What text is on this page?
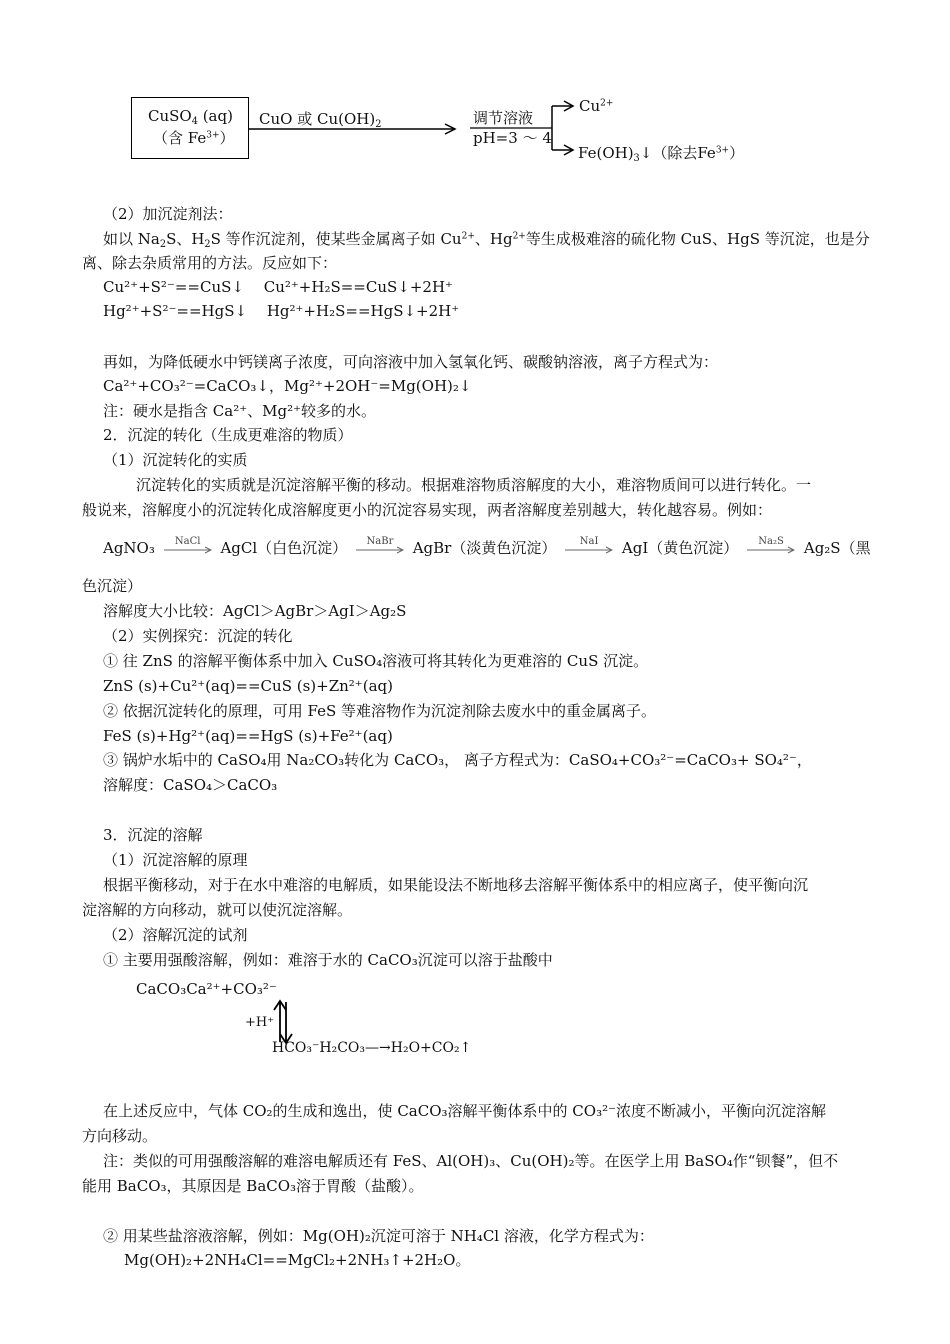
CuSO$_4$ (aq)
（含 $Fe^{3+}$）
CuO 或 $Cu(OH)_2$	调节溶液
pH=3 ～ 4
$Cu^{2+}$
$Fe(OH)_3↓$（除去$Fe^{3+}$）
（2）加沉淀剂法：
如以 $Na_2S$、$H_2S$ 等作沉淀剂，使某些金属离子如 $Cu^{2+}$、$Hg^{2+}$等生成极难溶的硫化物 CuS、HgS 等沉淀，也是分
离、除去杂质常用的方法。反应如下：
Cu²⁺+S²⁻==CuS↓　 Cu²⁺+H₂S==CuS↓+2H⁺
Hg²⁺+S²⁻==HgS↓　 Hg²⁺+H₂S==HgS↓+2H⁺
再如，为降低硬水中钙镁离子浓度，可向溶液中加入氢氧化钙、碳酸钠溶液，离子方程式为：
Ca²⁺+CO₃²⁻=CaCO₃↓，Mg²⁺+2OH⁻=Mg(OH)₂↓
注：硬水是指含 Ca²⁺、Mg²⁺较多的水。
2．沉淀的转化（生成更难溶的物质）
（1）沉淀转化的实质
沉淀转化的实质就是沉淀溶解平衡的移动。根据难溶物质溶解度的大小，难溶物质间可以进行转化。一
般说来，溶解度小的沉淀转化成溶解度更小的沉淀容易实现，两者溶解度差别越大，转化越容易。例如：
AgNO₃	NaCl	AgCl（白色沉淀）	NaBr	AgBr（淡黄色沉淀）	NaI	AgI（黄色沉淀）	Na₂S	Ag₂S（黑
色沉淀）
溶解度大小比较：AgCl＞AgBr＞AgI＞Ag₂S
（2）实例探究：沉淀的转化
① 往 ZnS 的溶解平衡体系中加入 CuSO₄溶液可将其转化为更难溶的 CuS 沉淀。
ZnS (s)+Cu²⁺(aq)==CuS (s)+Zn²⁺(aq)
② 依据沉淀转化的原理，可用 FeS 等难溶物作为沉淀剂除去废水中的重金属离子。
FeS (s)+Hg²⁺(aq)==HgS (s)+Fe²⁺(aq)
③ 锅炉水垢中的 CaSO₄用 Na₂CO₃转化为 CaCO₃， 离子方程式为：CaSO₄+CO₃²⁻=CaCO₃+ SO₄²⁻，
溶解度：CaSO₄＞CaCO₃
3．沉淀的溶解
（1）沉淀溶解的原理
根据平衡移动，对于在水中难溶的电解质，如果能设法不断地移去溶解平衡体系中的相应离子，使平衡向沉
淀溶解的方向移动，就可以使沉淀溶解。
（2）溶解沉淀的试剂
① 主要用强酸溶解，例如：难溶于水的 CaCO₃沉淀可以溶于盐酸中
CaCO₃Ca²⁺+CO₃²⁻
+H⁺
HCO₃⁻H₂CO₃—→H₂O+CO₂↑
在上述反应中，气体 CO₂的生成和逸出，使 CaCO₃溶解平衡体系中的 CO₃²⁻浓度不断减小，平衡向沉淀溶解
方向移动。
注：类似的可用强酸溶解的难溶电解质还有 FeS、Al(OH)₃、Cu(OH)₂等。在医学上用 BaSO₄作“钡餐”，但不
能用 BaCO₃，其原因是 BaCO₃溶于胃酸（盐酸）。
② 用某些盐溶液溶解，例如：Mg(OH)₂沉淀可溶于 NH₄Cl 溶液，化学方程式为：
Mg(OH)₂+2NH₄Cl==MgCl₂+2NH₃↑+2H₂O。
